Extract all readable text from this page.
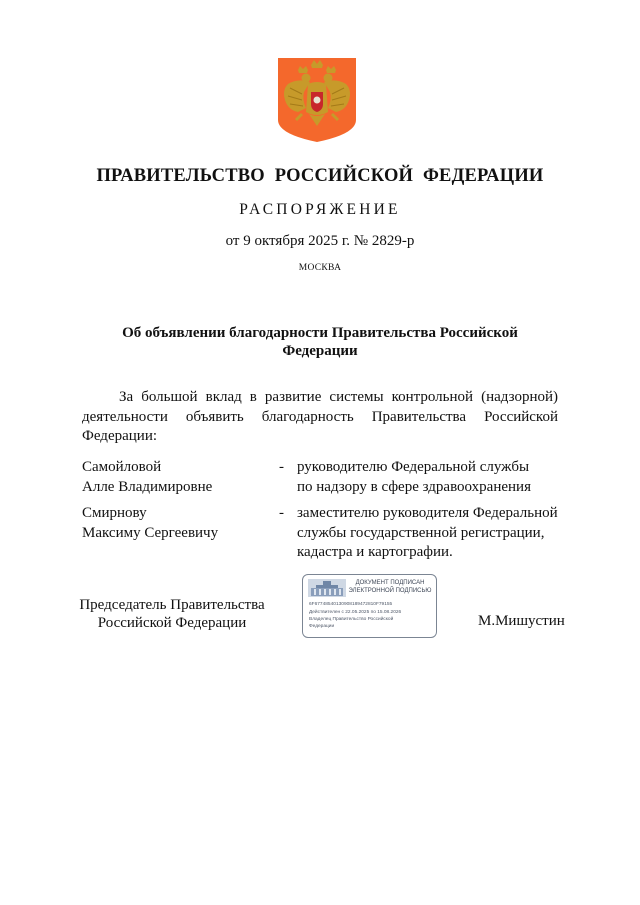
ПРАВИТЕЛЬСТВО РОССИЙСКОЙ ФЕДЕРАЦИИ
РАСПОРЯЖЕНИЕ
от 9 октября 2025 г. № 2829-р
МОСКВА
Об объявлении благодарности Правительства Российской Федерации

За большой вклад в развитие системы контрольной (надзорной) деятельности объявить благодарность Правительства Российской Федерации:

Самойловой
Алле Владимировне
- руководителю Федеральной службы
по надзору в сфере здравоохранения
Смирнову
Максиму Сергеевичу
- заместителю руководителя Федеральной службы государственной регистрации, кадастра и картографии.
Председатель Правительства
Российской Федерации
ДОКУМЕНТ ПОДПИСАН
ЭЛЕКТРОННОЙ ПОДПИСЬЮ
6F67748540130908189472810F79155
Действителен с 22.05.2025 по 15.08.2026
Владелец Правительство Российской
Федерации	М.Мишустин
